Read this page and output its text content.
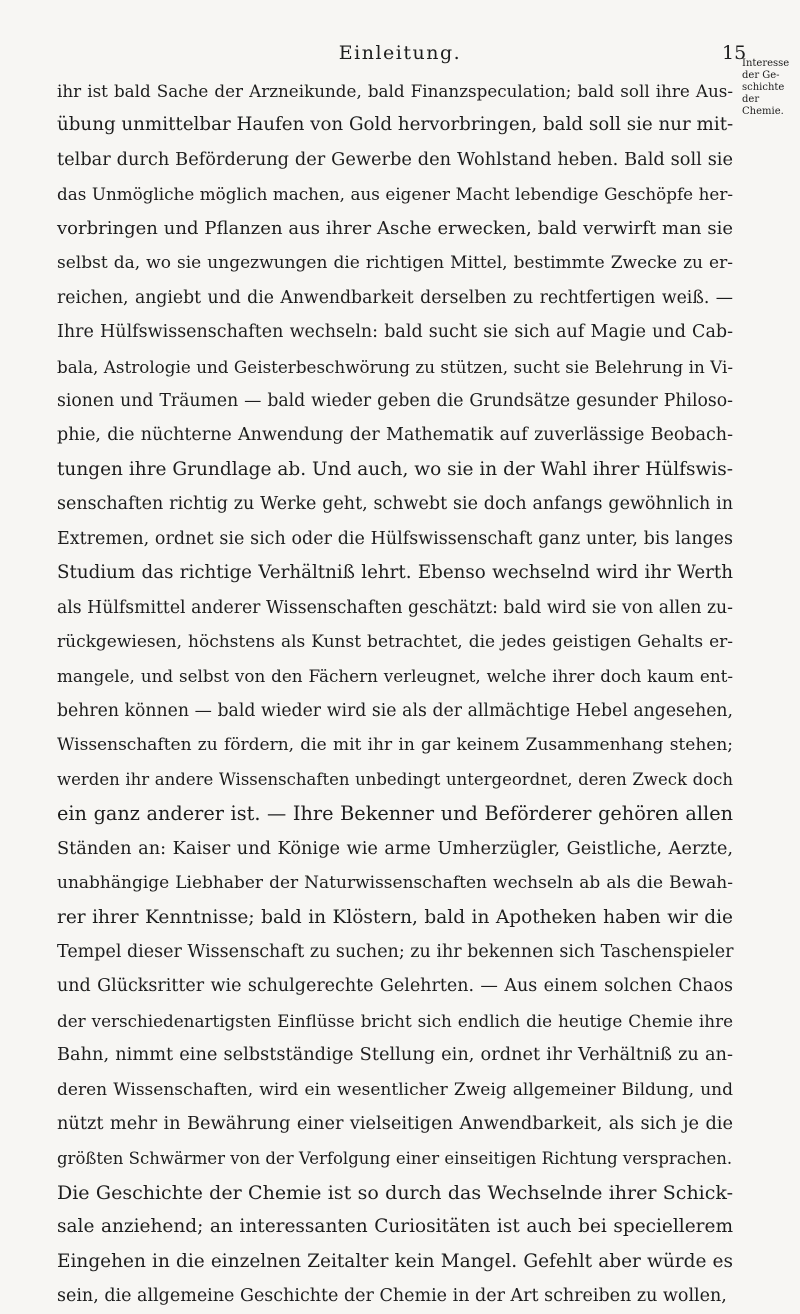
Einleitung.	15
Interesse der Ge-
schichte der Chemie.
ihr ist bald Sache der Arzneikunde, bald Finanzspeculation; bald soll ihre Aus-
übung unmittelbar Haufen von Gold hervorbringen, bald soll sie nur mit-
telbar durch Beförderung der Gewerbe den Wohlstand heben. Bald soll sie
das Unmögliche möglich machen, aus eigener Macht lebendige Geschöpfe her-
vorbringen und Pflanzen aus ihrer Asche erwecken, bald verwirft man sie
selbst da, wo sie ungezwungen die richtigen Mittel, bestimmte Zwecke zu er-
reichen, angiebt und die Anwendbarkeit derselben zu rechtfertigen weiß. —
Ihre Hülfswissenschaften wechseln: bald sucht sie sich auf Magie und Cab-
bala, Astrologie und Geisterbeschwörung zu stützen, sucht sie Belehrung in Vi-
sionen und Träumen — bald wieder geben die Grundsätze gesunder Philoso-
phie, die nüchterne Anwendung der Mathematik auf zuverlässige Beobach-
tungen ihre Grundlage ab. Und auch, wo sie in der Wahl ihrer Hülfswis-
senschaften richtig zu Werke geht, schwebt sie doch anfangs gewöhnlich in
Extremen, ordnet sie sich oder die Hülfswissenschaft ganz unter, bis langes
Studium das richtige Verhältniß lehrt. Ebenso wechselnd wird ihr Werth
als Hülfsmittel anderer Wissenschaften geschätzt: bald wird sie von allen zu-
rückgewiesen, höchstens als Kunst betrachtet, die jedes geistigen Gehalts er-
mangele, und selbst von den Fächern verleugnet, welche ihrer doch kaum ent-
behren können — bald wieder wird sie als der allmächtige Hebel angesehen,
Wissenschaften zu fördern, die mit ihr in gar keinem Zusammenhang stehen;
werden ihr andere Wissenschaften unbedingt untergeordnet, deren Zweck doch
ein ganz anderer ist. — Ihre Bekenner und Beförderer gehören allen
Ständen an: Kaiser und Könige wie arme Umherzügler, Geistliche, Aerzte,
unabhängige Liebhaber der Naturwissenschaften wechseln ab als die Bewah-
rer ihrer Kenntnisse; bald in Klöstern, bald in Apotheken haben wir die
Tempel dieser Wissenschaft zu suchen; zu ihr bekennen sich Taschenspieler
und Glücksritter wie schulgerechte Gelehrten. — Aus einem solchen Chaos
der verschiedenartigsten Einflüsse bricht sich endlich die heutige Chemie ihre
Bahn, nimmt eine selbstständige Stellung ein, ordnet ihr Verhältniß zu an-
deren Wissenschaften, wird ein wesentlicher Zweig allgemeiner Bildung, und
nützt mehr in Bewährung einer vielseitigen Anwendbarkeit, als sich je die
größten Schwärmer von der Verfolgung einer einseitigen Richtung versprachen.
Die Geschichte der Chemie ist so durch das Wechselnde ihrer Schick-
sale anziehend; an interessanten Curiositäten ist auch bei speciellerem
Eingehen in die einzelnen Zeitalter kein Mangel. Gefehlt aber würde es
sein, die allgemeine Geschichte der Chemie in der Art schreiben zu wollen,
